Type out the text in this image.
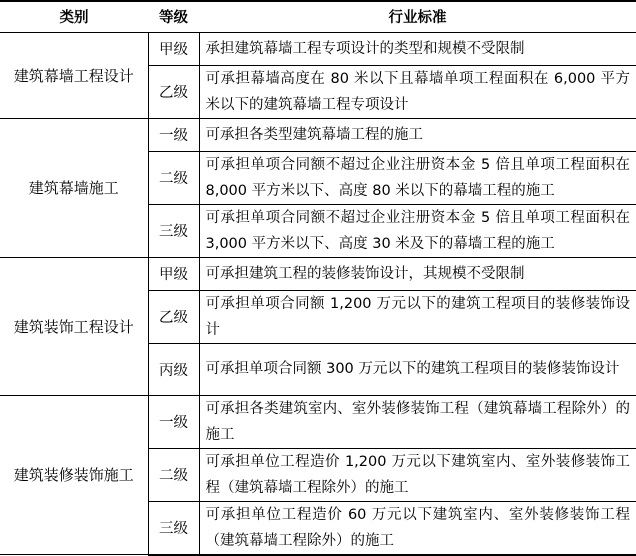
类别	等级	行业标准
建筑幕墙工程设计	甲级	承担建筑幕墙工程专项设计的类型和规模不受限制
	乙级	可承担幕墙高度在 80 米以下且幕墙单项工程面积在 6,000 平方米以下的建筑幕墙工程专项设计
建筑幕墙施工	一级	可承担各类型建筑幕墙工程的施工
	二级	可承担单项合同额不超过企业注册资本金 5 倍且单项工程面积在 8,000 平方米以下、高度 80 米以下的幕墙工程的施工
	三级	可承担单项合同额不超过企业注册资本金 5 倍且单项工程面积在 3,000 平方米以下、高度 30 米及下的幕墙工程的施工
建筑装饰工程设计	甲级	可承担建筑工程的装修装饰设计，其规模不受限制
	乙级	可承担单项合同额 1,200 万元以下的建筑工程项目的装修装饰设计
	丙级	可承担单项合同额 300 万元以下的建筑工程项目的装修装饰设计
建筑装修装饰施工	一级	可承担各类建筑室内、室外装修装饰工程（建筑幕墙工程除外）的施工
	二级	可承担单位工程造价 1,200 万元以下建筑室内、室外装修装饰工程（建筑幕墙工程除外）的施工
	三级	可承担单位工程造价 60 万元以下建筑室内、室外装修装饰工程（建筑幕墙工程除外）的施工
